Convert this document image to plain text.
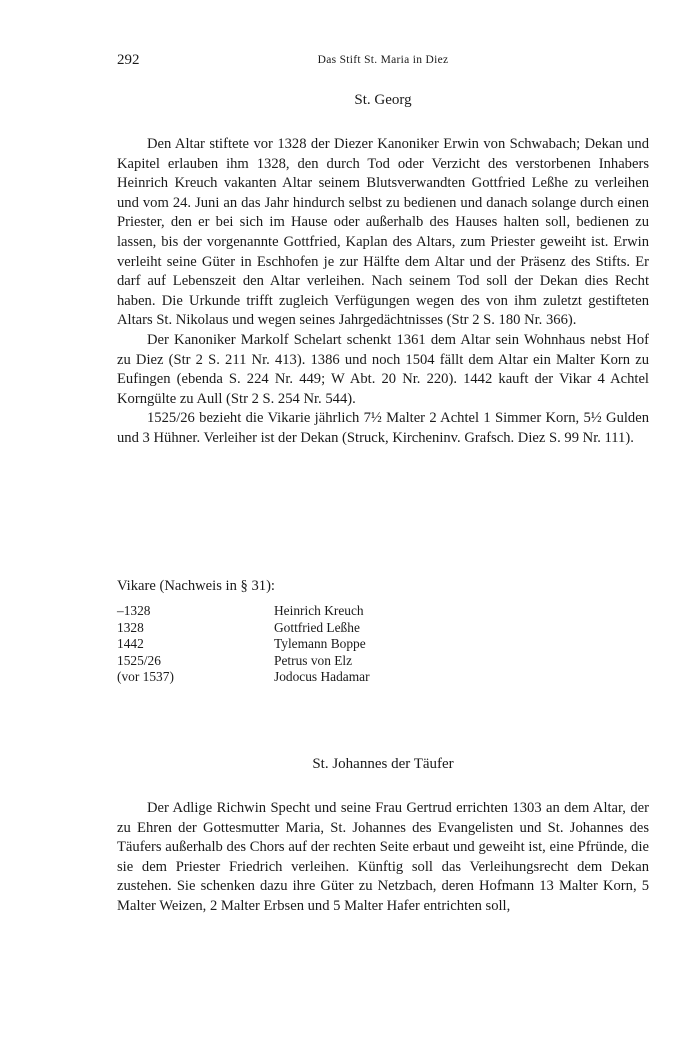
292	Das Stift St. Maria in Diez
St. Georg

Den Altar stiftete vor 1328 der Diezer Kanoniker Erwin von Schwabach; Dekan und Kapitel erlauben ihm 1328, den durch Tod oder Verzicht des verstorbenen Inhabers Heinrich Kreuch vakanten Altar seinem Blutsverwandten Gottfried Leßhe zu verleihen und vom 24. Juni an das Jahr hindurch selbst zu bedienen und danach solange durch einen Priester, den er bei sich im Hause oder außerhalb des Hauses halten soll, bedienen zu lassen, bis der vorgenannte Gottfried, Kaplan des Altars, zum Priester geweiht ist. Erwin verleiht seine Güter in Eschhofen je zur Hälfte dem Altar und der Präsenz des Stifts. Er darf auf Lebenszeit den Altar verleihen. Nach seinem Tod soll der Dekan dies Recht haben. Die Urkunde trifft zugleich Verfügungen wegen des von ihm zuletzt gestifteten Altars St. Nikolaus und wegen seines Jahrgedächtnisses (Str 2 S. 180 Nr. 366).

Der Kanoniker Markolf Schelart schenkt 1361 dem Altar sein Wohnhaus nebst Hof zu Diez (Str 2 S. 211 Nr. 413). 1386 und noch 1504 fällt dem Altar ein Malter Korn zu Eufingen (ebenda S. 224 Nr. 449; W Abt. 20 Nr. 220). 1442 kauft der Vikar 4 Achtel Korngülte zu Aull (Str 2 S. 254 Nr. 544).

1525/26 bezieht die Vikarie jährlich 7½ Malter 2 Achtel 1 Simmer Korn, 5½ Gulden und 3 Hühner. Verleiher ist der Dekan (Struck, Kircheninv. Grafsch. Diez S. 99 Nr. 111).

Vikare (Nachweis in § 31):
–1328	Heinrich Kreuch
1328	Gottfried Leßhe
1442	Tylemann Boppe
1525/26	Petrus von Elz
(vor 1537)	Jodocus Hadamar
St. Johannes der Täufer

Der Adlige Richwin Specht und seine Frau Gertrud errichten 1303 an dem Altar, der zu Ehren der Gottesmutter Maria, St. Johannes des Evangelisten und St. Johannes des Täufers außerhalb des Chors auf der rechten Seite erbaut und geweiht ist, eine Pfründe, die sie dem Priester Friedrich verleihen. Künftig soll das Verleihungsrecht dem Dekan zustehen. Sie schenken dazu ihre Güter zu Netzbach, deren Hofmann 13 Malter Korn, 5 Malter Weizen, 2 Malter Erbsen und 5 Malter Hafer entrichten soll,
